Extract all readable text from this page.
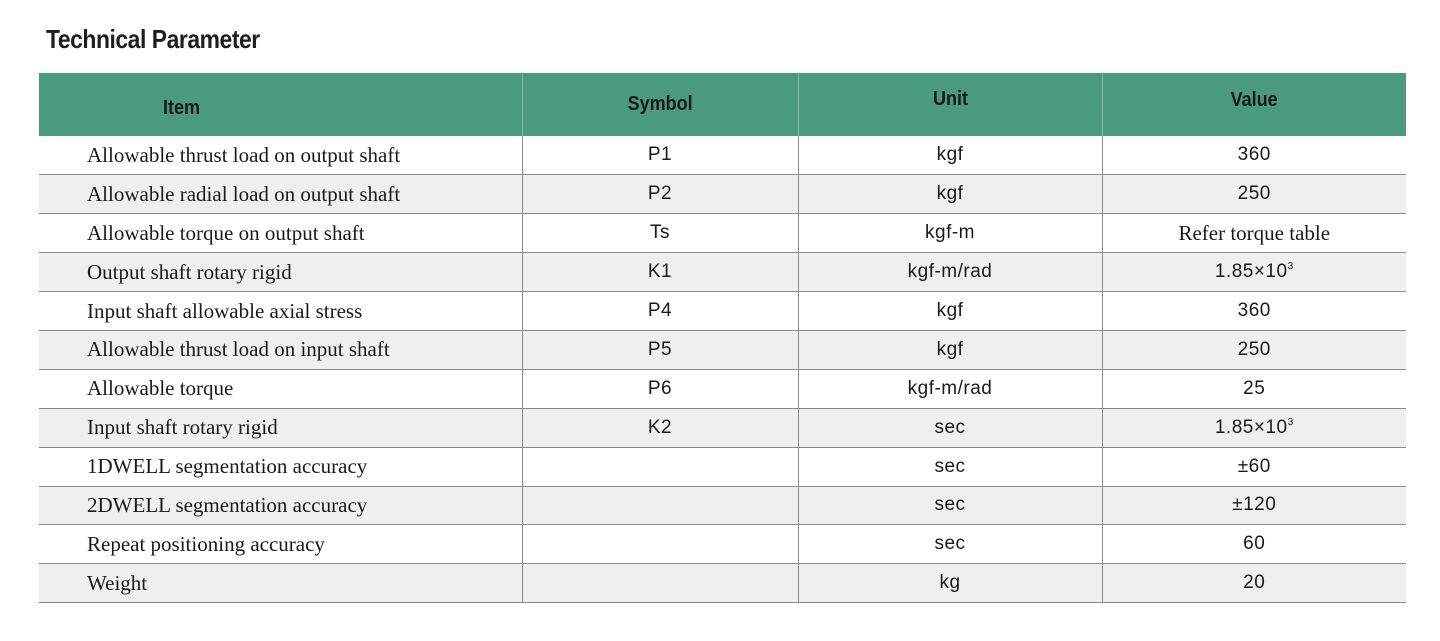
Technical Parameter
Item	Symbol	Unit	Value
Allowable thrust load on output shaft	P1	kgf	360
Allowable radial load on output shaft	P2	kgf	250
Allowable torque on output shaft	Ts	kgf-m	Refer torque table
Output shaft rotary rigid	K1	kgf-m/rad	$1.85\times 10^3$
Input shaft allowable axial stress	P4	kgf	360
Allowable thrust load on input shaft	P5	kgf	250
Allowable torque	P6	kgf-m/rad	25
Input shaft rotary rigid	K2	sec	$1.85\times 10^3$
1DWELL segmentation accuracy		sec	±60
2DWELL segmentation accuracy		sec	±120
Repeat positioning accuracy		sec	60
Weight		kg	20
